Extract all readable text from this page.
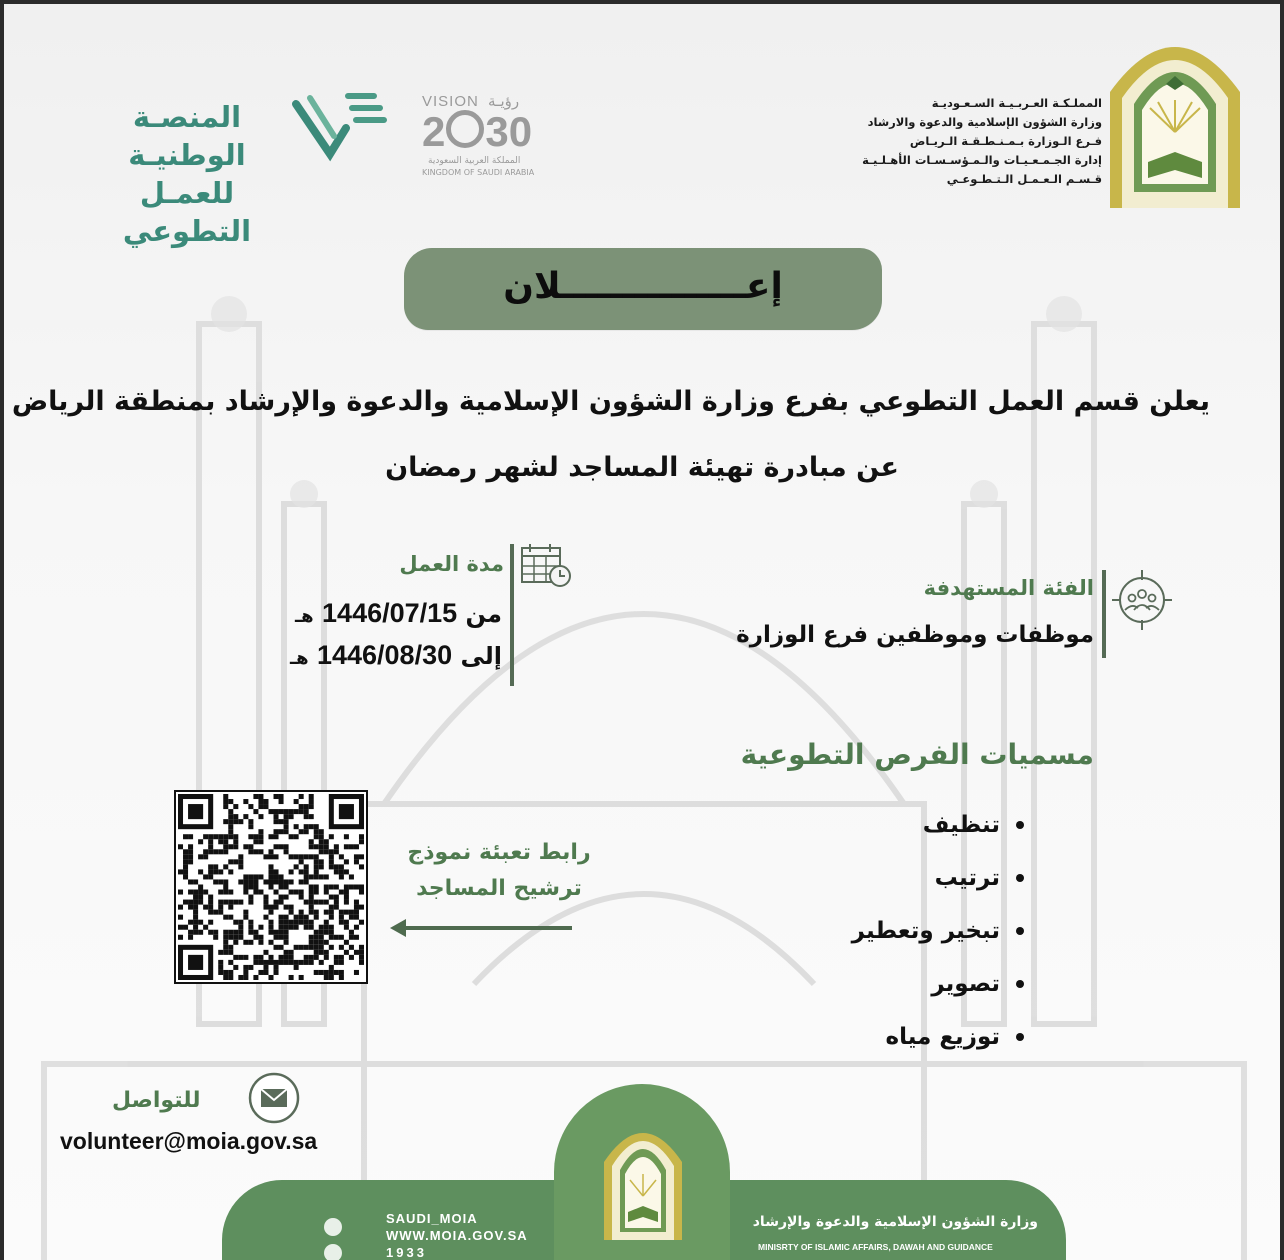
المملـكـة العـربـيـة السـعـوديـة
وزارة الشؤون الإسلامية والدعوة والارشاد
فـرع الـوزارة بـمـنـطـقـة الـريـاض
إدارة الجـمـعـيـات والـمـؤسـسـات الأهـلـيـة
قـسـم الـعـمـل الـتـطـوعـي
VISION رؤيـة
2 30
المملكة العربية السعودية
KINGDOM OF SAUDI ARABIA
المنصـة الوطنيـة
للعمـل التطوعي
إعـــــــــــــــلان
يعلن قسم العمل التطوعي بفرع وزارة الشؤون الإسلامية والدعوة والإرشاد بمنطقة الرياض
عن مبادرة تهيئة المساجد لشهر رمضان
مدة العمل
من 1446/07/15 هـ
إلى 1446/08/30 هـ
الفئة المستهدفة
موظفات وموظفين فرع الوزارة
مسميات الفرص التطوعية
تنظيف
ترتيب
تبخير وتعطير
تصوير
توزيع مياه
رابط تعبئة نموذج
ترشيح المساجد
للتواصل
volunteer@moia.gov.sa

SAUDI_MOIA
WWW.MOIA.GOV.SA
1933
وزارة الشؤون الإسلامية والدعوة والإرشاد
MINISRTY OF ISLAMIC AFFAIRS, DAWAH AND GUIDANCE
